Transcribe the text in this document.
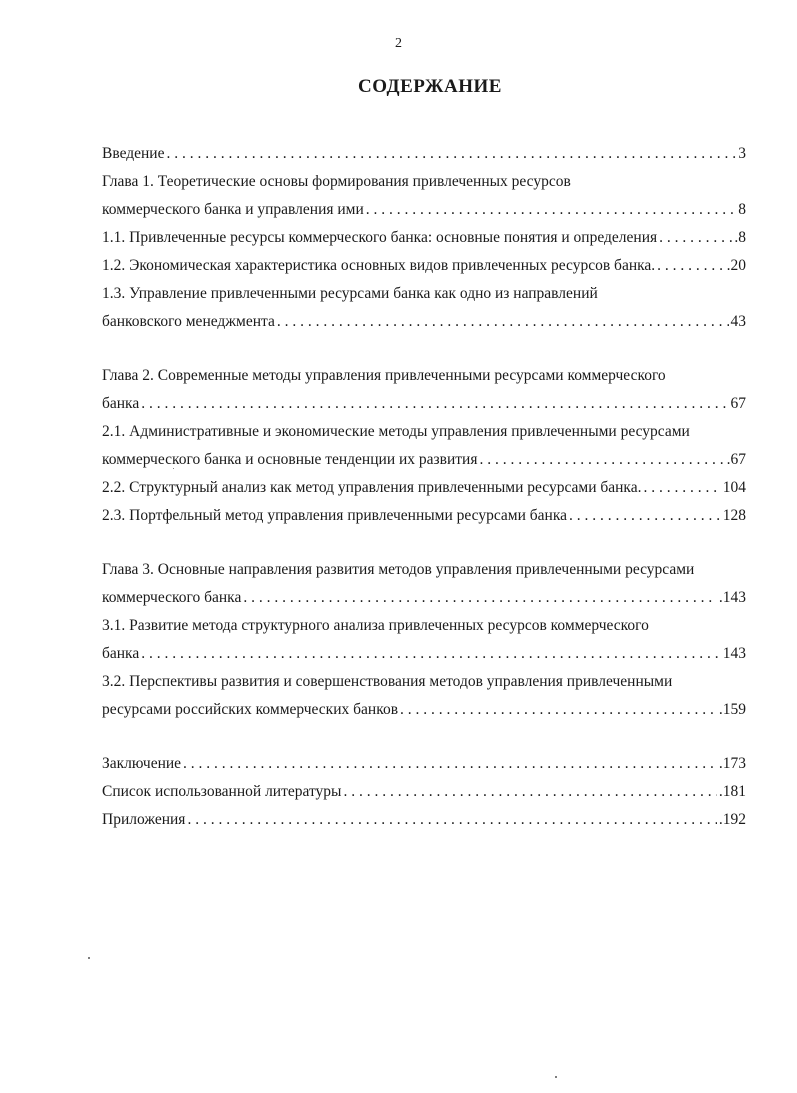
2
СОДЕРЖАНИЕ
Введение . . .	3
Глава 1. Теоретические основы формирования привлеченных ресурсов
коммерческого банка и управления ими . . .	8
1.1. Привлеченные ресурсы коммерческого банка: основные понятия и определения . . .	.8
1.2. Экономическая характеристика основных видов привлеченных ресурсов банка. . . .	.20
1.3. Управление привлеченными ресурсами банка как одно из направлений
банковского менеджмента . . .	43
Глава 2. Современные методы управления привлеченными ресурсами коммерческого
банка . . .	67
2.1. Административные и экономические методы управления привлеченными ресурсами
коммерческого банка и основные тенденции их развития . . .	.67
2.2. Структурный анализ как метод управления привлеченными ресурсами банка. . . .	104
2.3. Портфельный метод управления привлеченными ресурсами банка . . .	128
Глава 3. Основные направления развития методов управления привлеченными ресурсами
коммерческого банка . . .	.143
3.1. Развитие метода структурного анализа привлеченных ресурсов коммерческого
банка . . .	143
3.2. Перспективы развития и совершенствования методов управления привлеченными
ресурсами российских коммерческих банков . . .	.159
Заключение . . .	.173
Список использованной литературы . . .	.181
Приложения . . .	.192
